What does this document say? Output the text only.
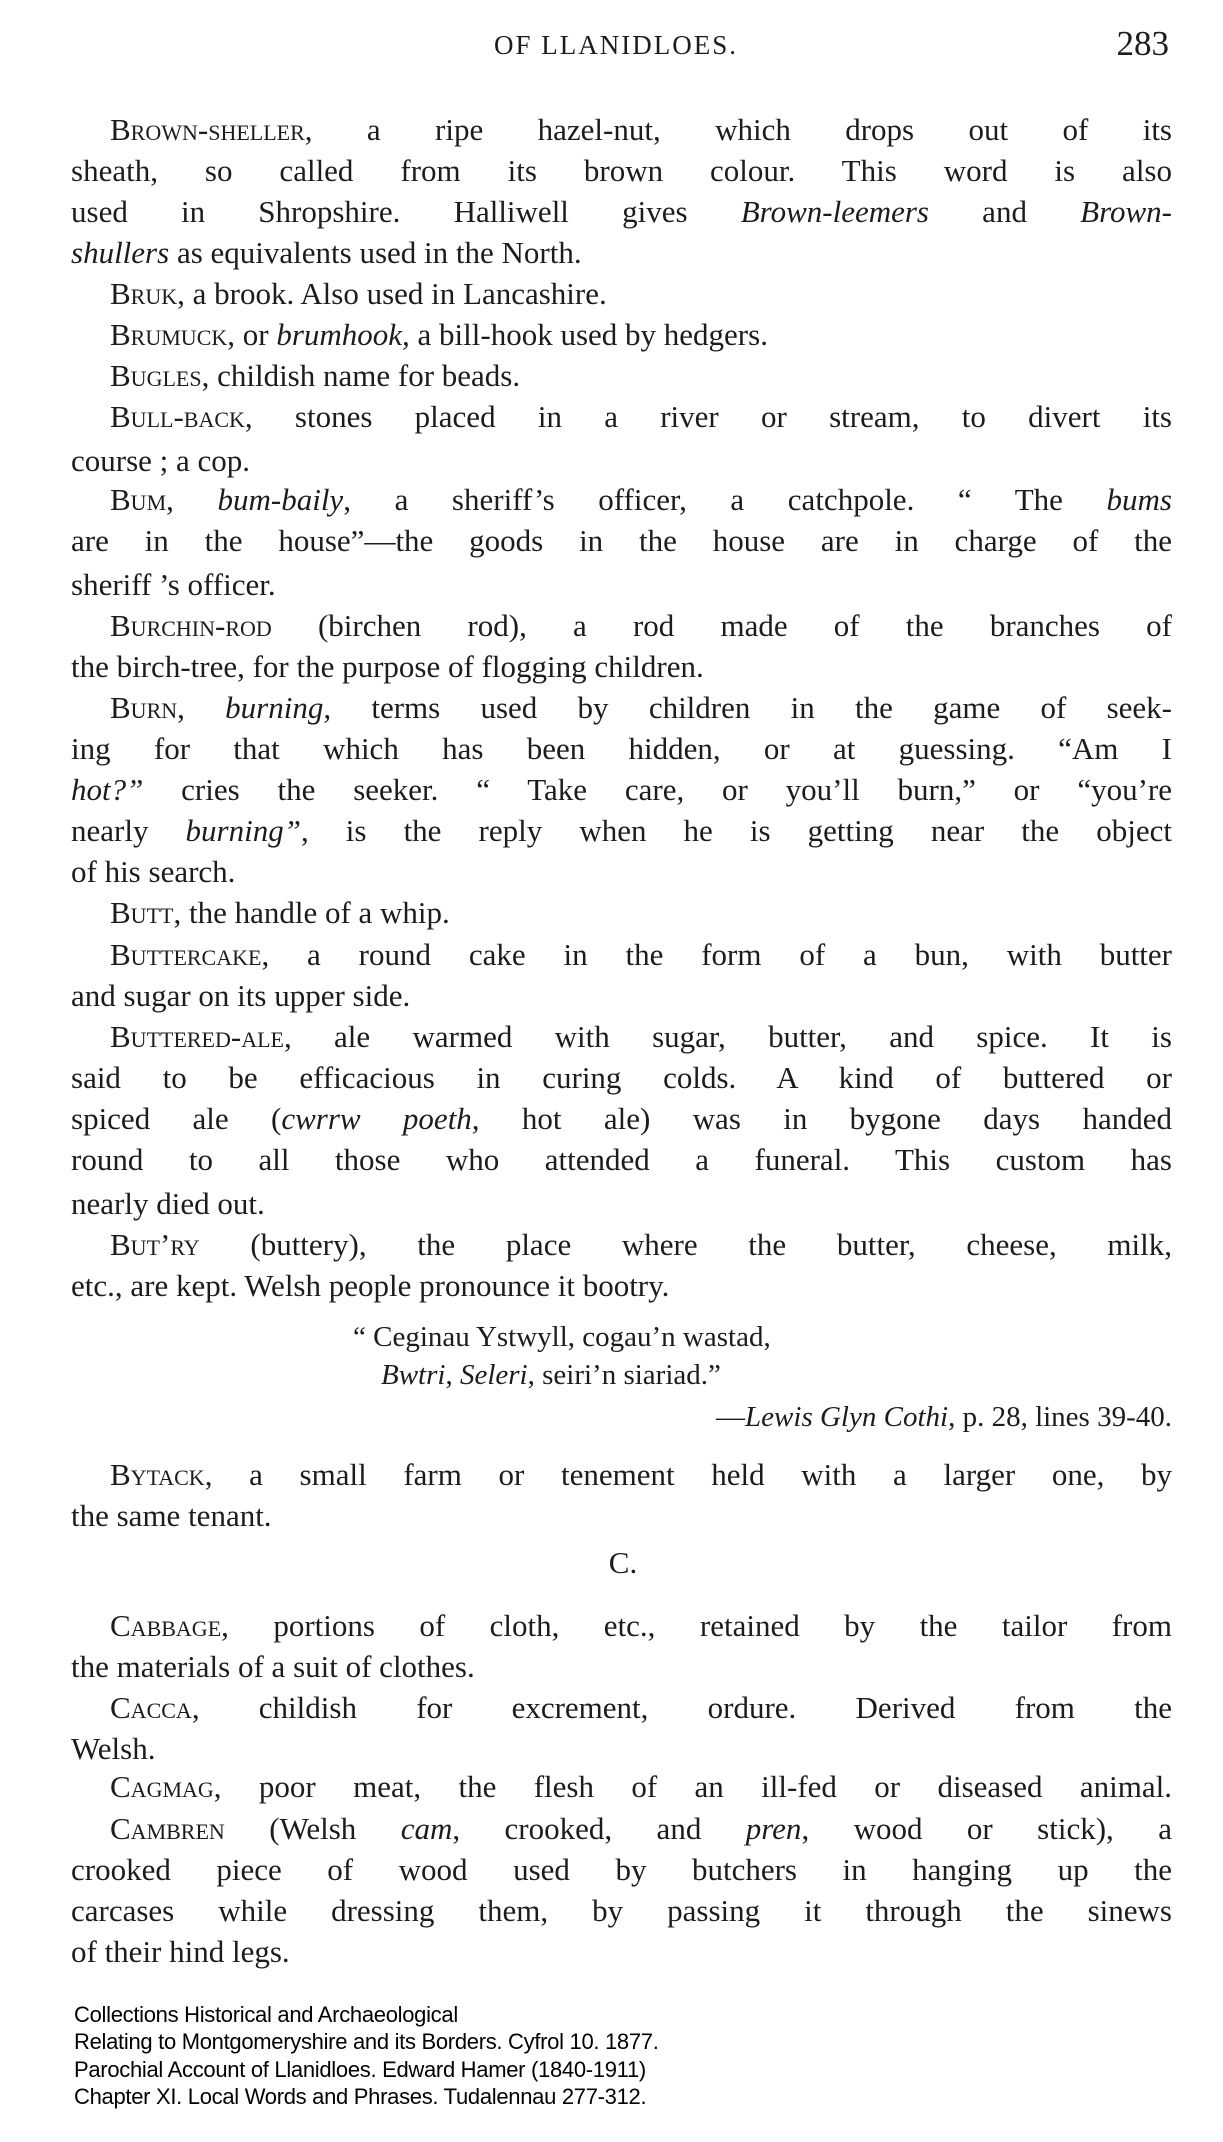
OF LLANIDLOES.	283
Brown-sheller, a ripe hazel-nut, which drops out of its
sheath, so called from its brown colour. This word is also
used in Shropshire. Halliwell gives Brown-leemers and Brown-
shullers as equivalents used in the North.
Bruk, a brook. Also used in Lancashire.
Brumuck, or brumhook, a bill-hook used by hedgers.
Bugles, childish name for beads.
Bull-back, stones placed in a river or stream, to divert its
course ; a cop.
Bum, bum-baily, a sheriff’s officer, a catchpole. “ The bums
are in the house”—the goods in the house are in charge of the
sheriff ’s officer.
Burchin-rod (birchen rod), a rod made of the branches of
the birch-tree, for the purpose of flogging children.
Burn, burning, terms used by children in the game of seek-
ing for that which has been hidden, or at guessing. “Am I
hot?” cries the seeker. “ Take care, or you’ll burn,” or “you’re
nearly burning”, is the reply when he is getting near the object
of his search.
Butt, the handle of a whip.
Buttercake, a round cake in the form of a bun, with butter
and sugar on its upper side.
Buttered-ale, ale warmed with sugar, butter, and spice. It is
said to be efficacious in curing colds. A kind of buttered or
spiced ale (cwrrw poeth, hot ale) was in bygone days handed
round to all those who attended a funeral. This custom has
nearly died out.
But’ry (buttery), the place where the butter, cheese, milk,
etc., are kept. Welsh people pronounce it bootry.
“ Ceginau Ystwyll, cogau’n wastad,
Bwtri, Seleri, seiri’n siariad.”
—Lewis Glyn Cothi, p. 28, lines 39-40.
Bytack, a small farm or tenement held with a larger one, by
the same tenant.
C.
Cabbage, portions of cloth, etc., retained by the tailor from
the materials of a suit of clothes.
Cacca, childish for excrement, ordure. Derived from the
Welsh.
Cagmag, poor meat, the flesh of an ill-fed or diseased animal.
Cambren (Welsh cam, crooked, and pren, wood or stick), a
crooked piece of wood used by butchers in hanging up the
carcases while dressing them, by passing it through the sinews
of their hind legs.
Collections Historical and Archaeological
Relating to Montgomeryshire and its Borders. Cyfrol 10. 1877.
Parochial Account of Llanidloes. Edward Hamer (1840-1911)
Chapter XI. Local Words and Phrases. Tudalennau 277-312.
